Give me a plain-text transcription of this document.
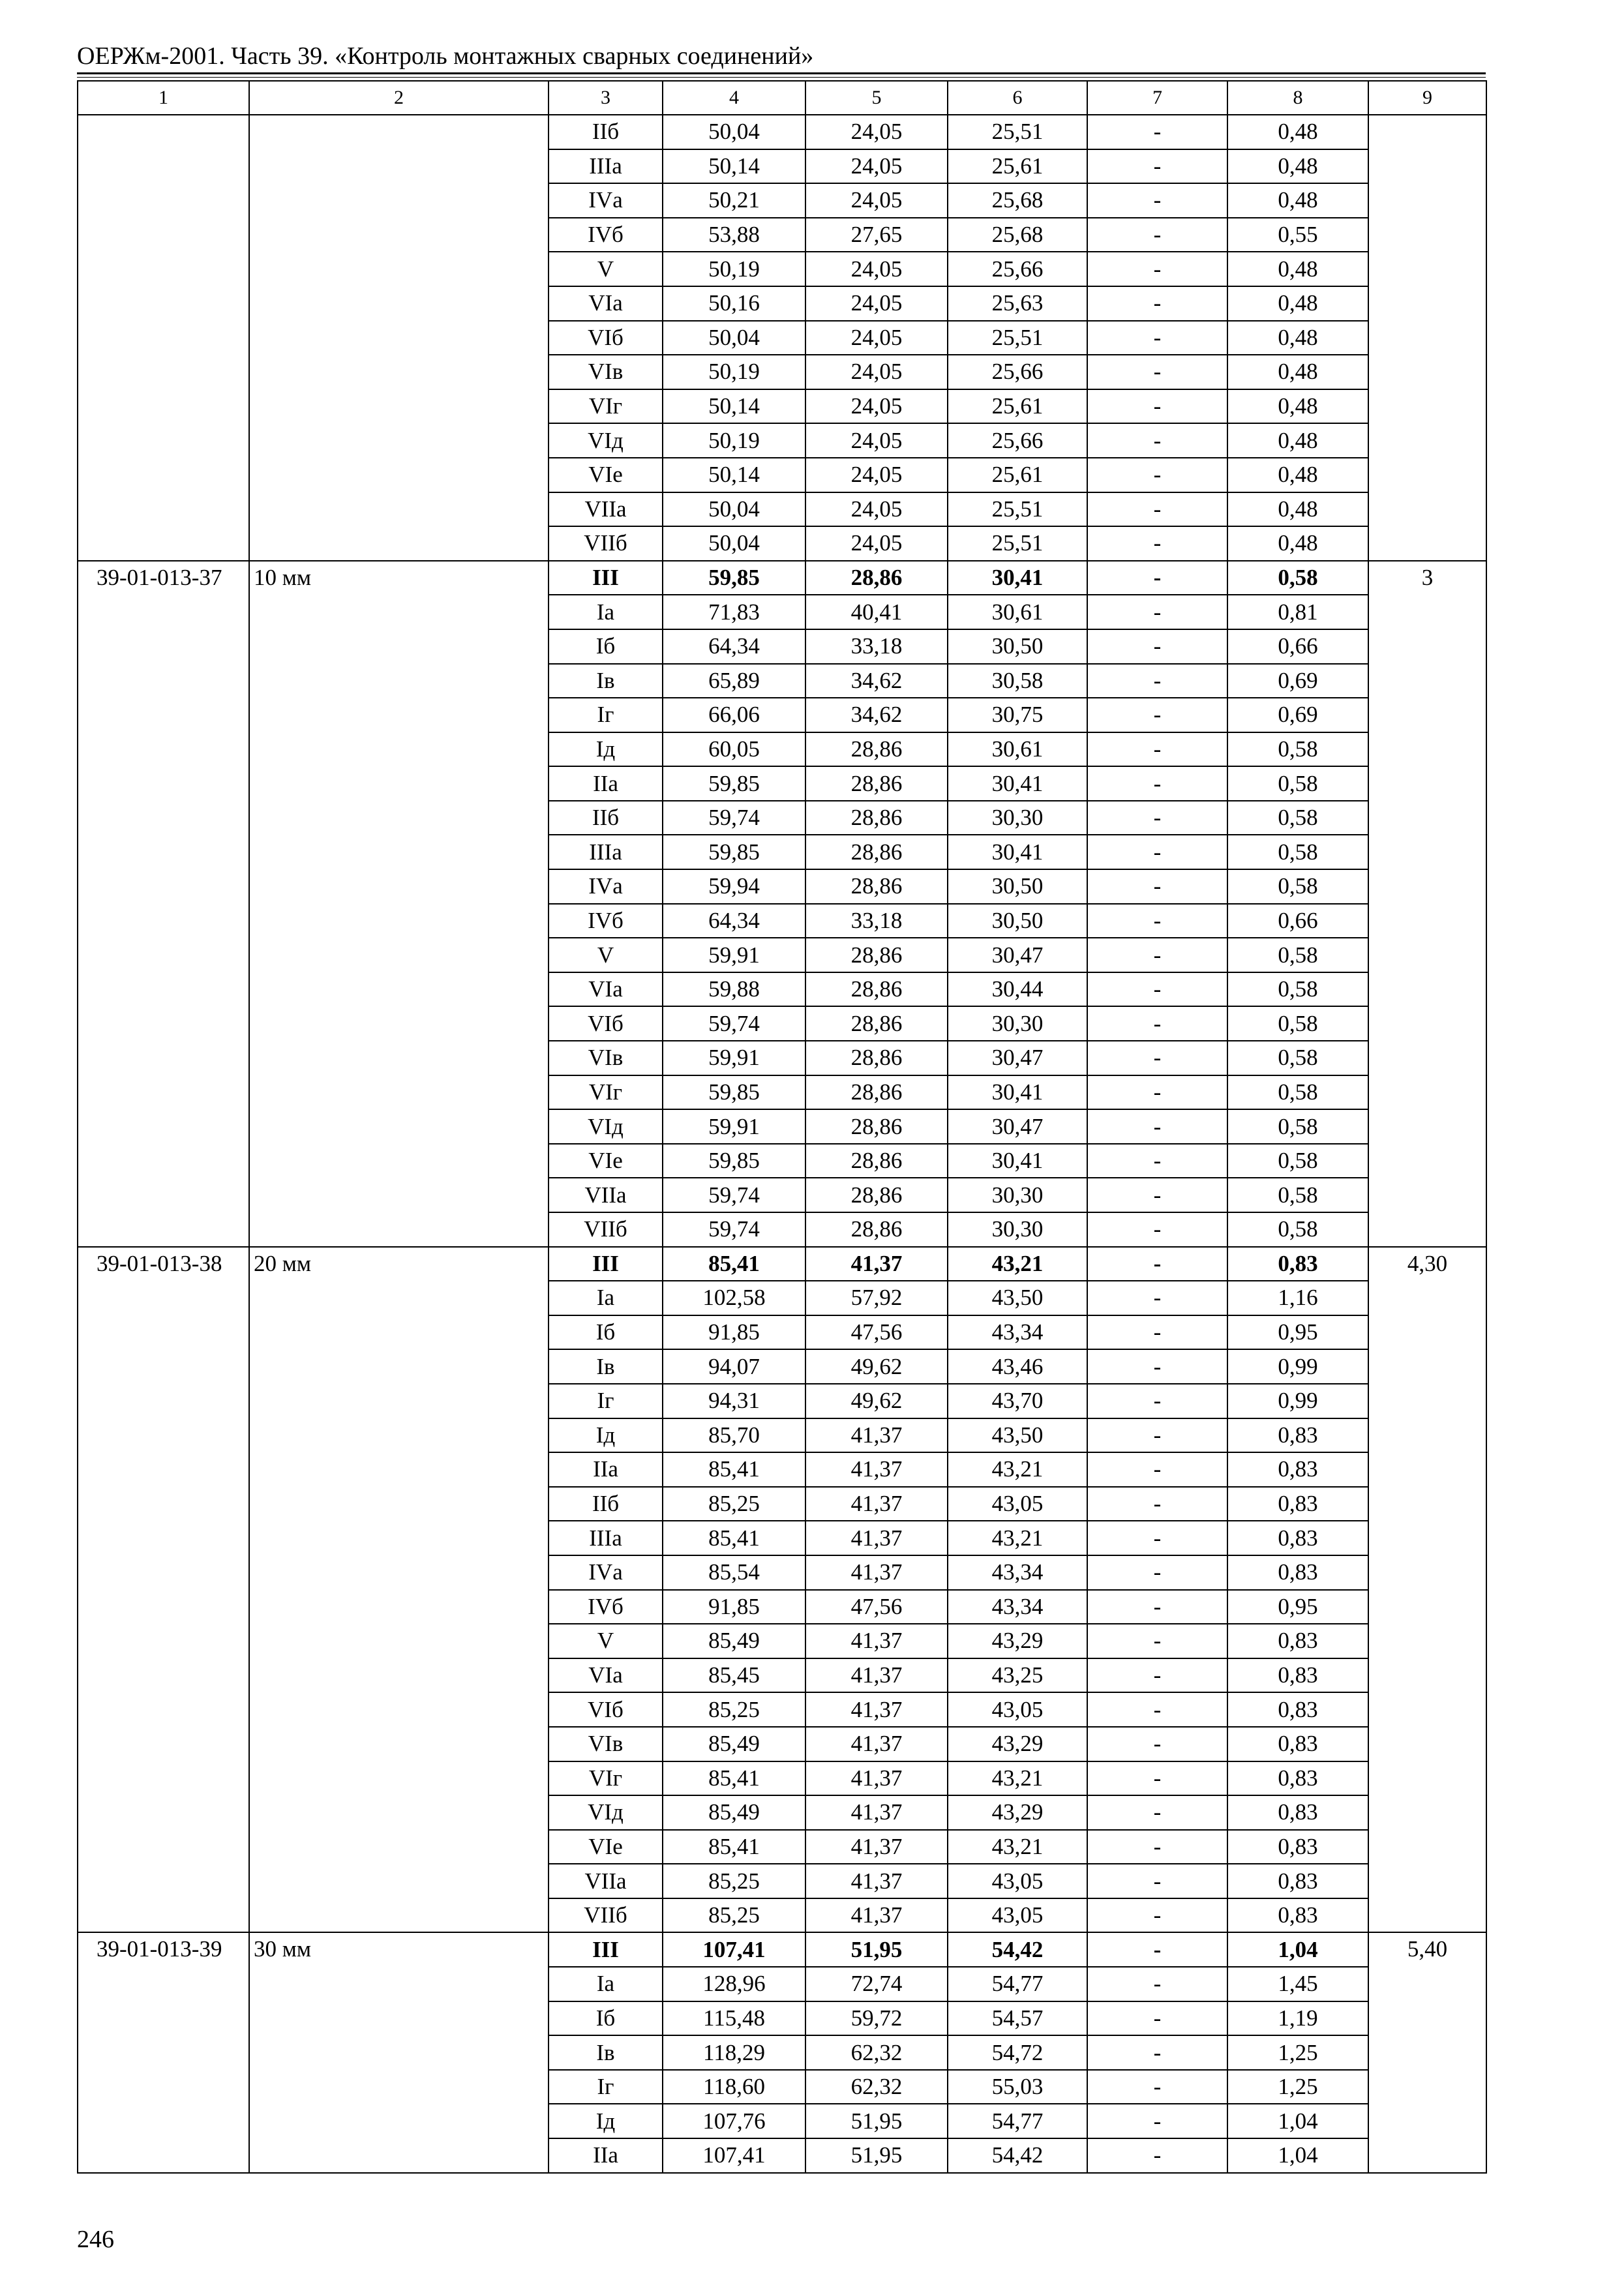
ОЕРЖм-2001. Часть 39. «Контроль монтажных сварных соединений»
1	2	3	4	5	6	7	8	9
		IIб	50,04	24,05	25,51	-	0,48	
		IIIа	50,14	24,05	25,61	-	0,48	
		IVа	50,21	24,05	25,68	-	0,48	
		IVб	53,88	27,65	25,68	-	0,55	
		V	50,19	24,05	25,66	-	0,48	
		VIа	50,16	24,05	25,63	-	0,48	
		VIб	50,04	24,05	25,51	-	0,48	
		VIв	50,19	24,05	25,66	-	0,48	
		VIг	50,14	24,05	25,61	-	0,48	
		VIд	50,19	24,05	25,66	-	0,48	
		VIе	50,14	24,05	25,61	-	0,48	
		VIIа	50,04	24,05	25,51	-	0,48	
		VIIб	50,04	24,05	25,51	-	0,48	
39-01-013-37	10 мм	III	59,85	28,86	30,41	-	0,58	3
		Iа	71,83	40,41	30,61	-	0,81	
		Iб	64,34	33,18	30,50	-	0,66	
		Iв	65,89	34,62	30,58	-	0,69	
		Iг	66,06	34,62	30,75	-	0,69	
		Iд	60,05	28,86	30,61	-	0,58	
		IIа	59,85	28,86	30,41	-	0,58	
		IIб	59,74	28,86	30,30	-	0,58	
		IIIа	59,85	28,86	30,41	-	0,58	
		IVа	59,94	28,86	30,50	-	0,58	
		IVб	64,34	33,18	30,50	-	0,66	
		V	59,91	28,86	30,47	-	0,58	
		VIа	59,88	28,86	30,44	-	0,58	
		VIб	59,74	28,86	30,30	-	0,58	
		VIв	59,91	28,86	30,47	-	0,58	
		VIг	59,85	28,86	30,41	-	0,58	
		VIд	59,91	28,86	30,47	-	0,58	
		VIе	59,85	28,86	30,41	-	0,58	
		VIIа	59,74	28,86	30,30	-	0,58	
		VIIб	59,74	28,86	30,30	-	0,58	
39-01-013-38	20 мм	III	85,41	41,37	43,21	-	0,83	4,30
		Iа	102,58	57,92	43,50	-	1,16	
		Iб	91,85	47,56	43,34	-	0,95	
		Iв	94,07	49,62	43,46	-	0,99	
		Iг	94,31	49,62	43,70	-	0,99	
		Iд	85,70	41,37	43,50	-	0,83	
		IIа	85,41	41,37	43,21	-	0,83	
		IIб	85,25	41,37	43,05	-	0,83	
		IIIа	85,41	41,37	43,21	-	0,83	
		IVа	85,54	41,37	43,34	-	0,83	
		IVб	91,85	47,56	43,34	-	0,95	
		V	85,49	41,37	43,29	-	0,83	
		VIа	85,45	41,37	43,25	-	0,83	
		VIб	85,25	41,37	43,05	-	0,83	
		VIв	85,49	41,37	43,29	-	0,83	
		VIг	85,41	41,37	43,21	-	0,83	
		VIд	85,49	41,37	43,29	-	0,83	
		VIе	85,41	41,37	43,21	-	0,83	
		VIIа	85,25	41,37	43,05	-	0,83	
		VIIб	85,25	41,37	43,05	-	0,83	
39-01-013-39	30 мм	III	107,41	51,95	54,42	-	1,04	5,40
		Iа	128,96	72,74	54,77	-	1,45	
		Iб	115,48	59,72	54,57	-	1,19	
		Iв	118,29	62,32	54,72	-	1,25	
		Iг	118,60	62,32	55,03	-	1,25	
		Iд	107,76	51,95	54,77	-	1,04	
		IIа	107,41	51,95	54,42	-	1,04	
246
